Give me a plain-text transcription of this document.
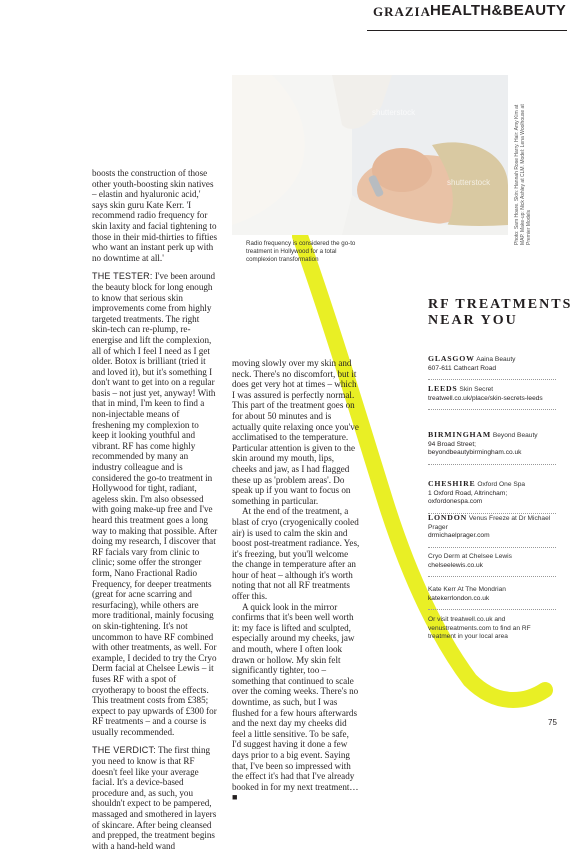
GRAZIA
HEALTH&BEAUTY
shutterstock
shutterstock	Photo: Sam Hoare. Skin: Hannah Rose Harry. Hair: Amy Kim at MAP. Make-up: Nick Ashley at CLM. Model: Lena Woolhouse at Premier Models
Radio frequency is considered the go-to treatment in Hollywood for a total complexion transformation

boosts the construction of those other youth-boosting skin natives – elastin and hyaluronic acid,' says skin guru Kate Kerr. 'I recommend radio frequency for skin laxity and facial tightening to those in their mid-thirties to fifties who want an instant perk up with no downtime at all.'

THE TESTER: I've been around the beauty block for long enough to know that serious skin improvements come from highly targeted treatments. The right skin-tech can re-plump, re-energise and lift the complexion, all of which I feel I need as I get older. Botox is brilliant (tried it and loved it), but it's something I don't want to get into on a regular basis – not just yet, anyway! With that in mind, I'm keen to find a non-injectable means of freshening my complexion to keep it looking youthful and vibrant. RF has come highly recommended by many an industry colleague and is considered the go-to treatment in Hollywood for tight, radiant, ageless skin. I'm also obsessed with going make-up free and I've heard this treatment goes a long way to making that possible. After doing my research, I discover that RF facials vary from clinic to clinic; some offer the stronger form, Nano Fractional Radio Frequency, for deeper treatments (great for acne scarring and resurfacing), while others are more traditional, mainly focusing on skin-tightening. It's not uncommon to have RF combined with other treatments, as well. For example, I decided to try the Cryo Derm facial at Chelsee Lewis – it fuses RF with a spot of cryotherapy to boost the effects. This treatment costs from £385; expect to pay upwards of £300 for RF treatments – and a course is usually recommended.

THE VERDICT: The first thing you need to know is that RF doesn't feel like your average facial. It's a device-based procedure and, as such, you shouldn't expect to be pampered, massaged and smothered in layers of skincare. After being cleansed and prepped, the treatment begins with a hand-held wand

moving slowly over my skin and neck. There's no discomfort, but it does get very hot at times – which I was assured is perfectly normal. This part of the treatment goes on for about 50 minutes and is actually quite relaxing once you've acclimatised to the temperature. Particular attention is given to the skin around my mouth, lips, cheeks and jaw, as I had flagged these up as 'problem areas'. Do speak up if you want to focus on something in particular.

At the end of the treatment, a blast of cryo (cryogenically cooled air) is used to calm the skin and boost post-treatment radiance. Yes, it's freezing, but you'll welcome the change in temperature after an hour of heat – although it's worth noting that not all RF treatments offer this.

A quick look in the mirror confirms that it's been well worth it: my face is lifted and sculpted, especially around my cheeks, jaw and mouth, where I often look drawn or hollow. My skin felt significantly tighter, too – something that continued to scale over the coming weeks. There's no downtime, as such, but I was flushed for a few hours afterwards and the next day my cheeks did feel a little sensitive. To be safe, I'd suggest having it done a few days prior to a big event. Saying that, I've been so impressed with the effect it's had that I've already booked in for my next treatment… ■

RF TREATMENTS
NEAR YOU
GLASGOW Aaina Beauty
607-611 Cathcart Road
LEEDS Skin Secret
treatwell.co.uk/place/skin-secrets-leeds
BIRMINGHAM Beyond Beauty
94 Broad Street;
beyondbeautybirmingham.co.uk
CHESHIRE Oxford One Spa
1 Oxford Road, Altrincham;
oxfordonespa.com
LONDON Venus Freeze at Dr Michael Prager
drmichaelprager.com
Cryo Derm at Chelsee Lewis
chelseelewis.co.uk
Kate Kerr At The Mondrian
katekerrlondon.co.uk
Or visit treatwell.co.uk and venustreatments.com to find an RF treatment in your local area
75
